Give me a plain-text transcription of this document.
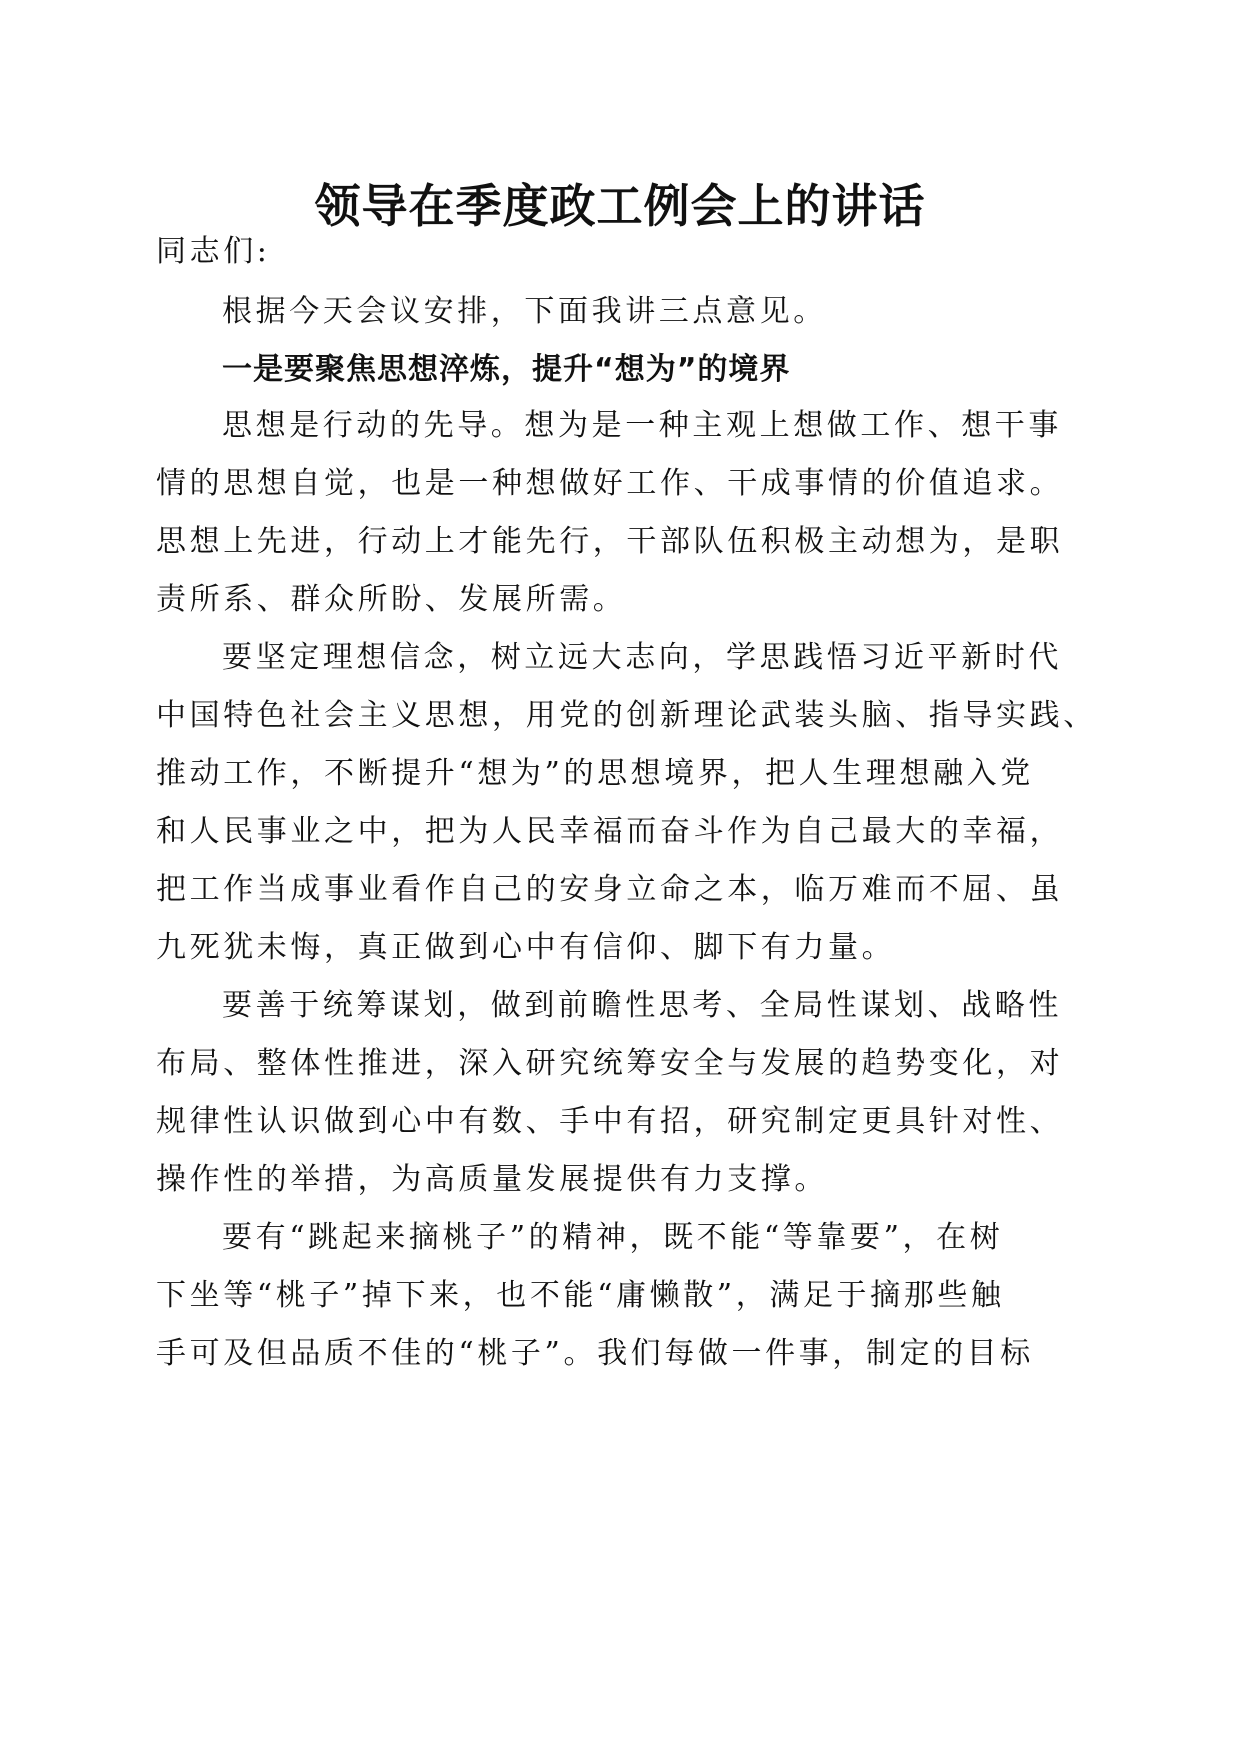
领导在季度政工例会上的讲话
同志们:
根据今天会议安排，下面我讲三点意见。
一是要聚焦思想淬炼，提升“想为”的境界
思想是行动的先导。想为是一种主观上想做工作、想干事
情的思想自觉，也是一种想做好工作、干成事情的价值追求。
思想上先进，行动上才能先行，干部队伍积极主动想为，是职
责所系、群众所盼、发展所需。
要坚定理想信念，树立远大志向，学思践悟习近平新时代
中国特色社会主义思想，用党的创新理论武装头脑、指导实践、
推动工作，不断提升“想为”的思想境界，把人生理想融入党
和人民事业之中，把为人民幸福而奋斗作为自己最大的幸福，
把工作当成事业看作自己的安身立命之本，临万难而不屈、虽
九死犹未悔，真正做到心中有信仰、脚下有力量。
要善于统筹谋划，做到前瞻性思考、全局性谋划、战略性
布局、整体性推进，深入研究统筹安全与发展的趋势变化，对
规律性认识做到心中有数、手中有招，研究制定更具针对性、
操作性的举措，为高质量发展提供有力支撑。
要有“跳起来摘桃子”的精神，既不能“等靠要”，在树
下坐等“桃子”掉下来，也不能“庸懒散”，满足于摘那些触
手可及但品质不佳的“桃子”。我们每做一件事，制定的目标
